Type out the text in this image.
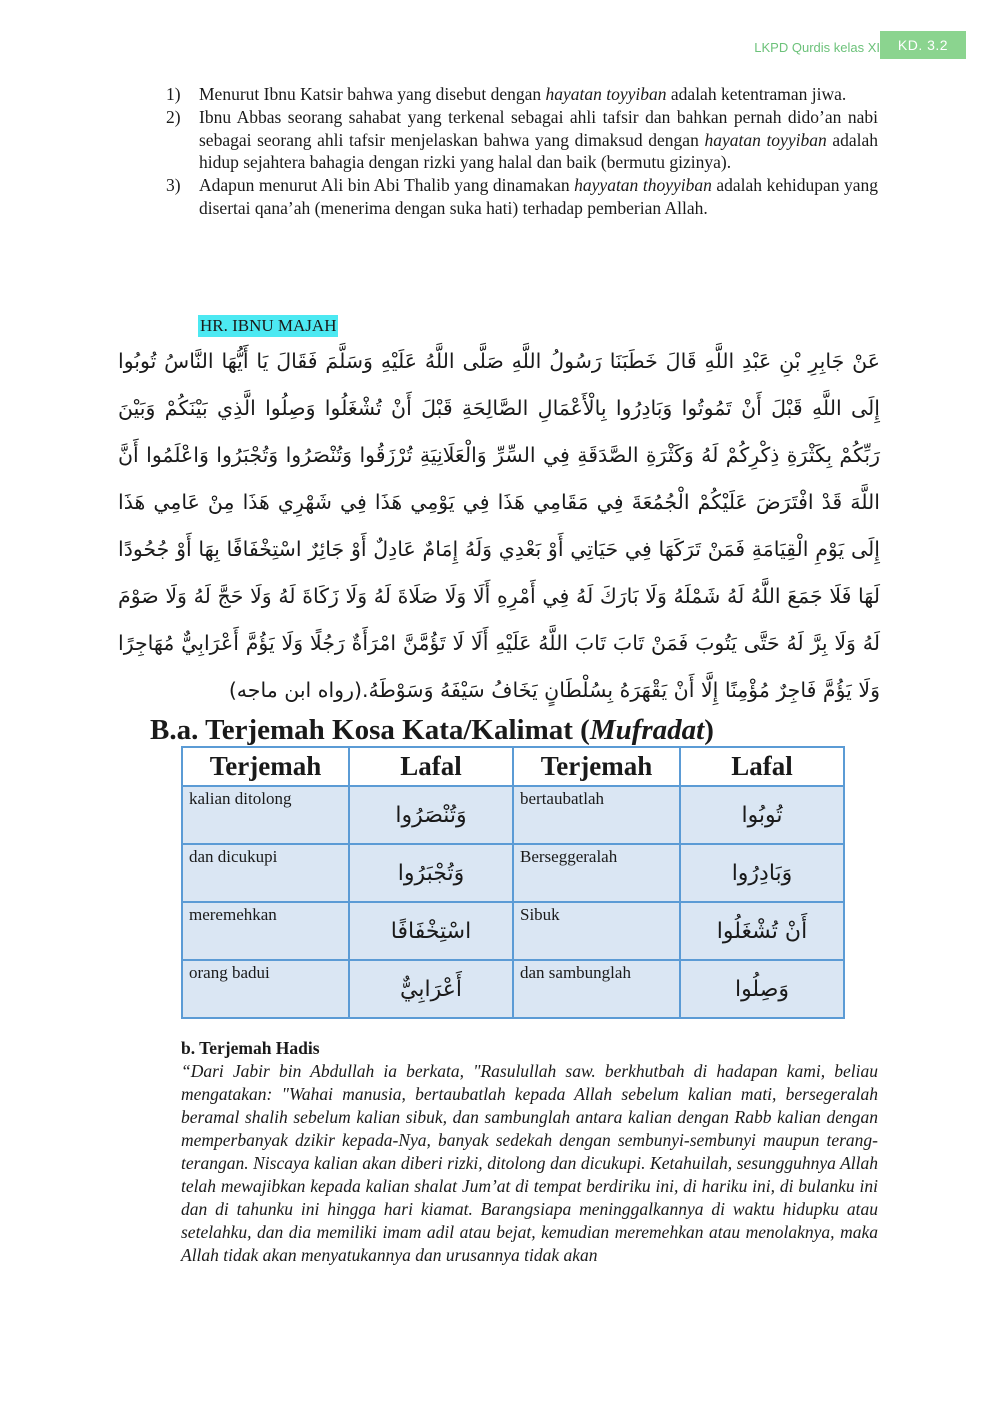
LKPD Qurdis kelas XI	KD. 3.2
1) Menurut Ibnu Katsir bahwa yang disebut dengan hayatan toyyiban adalah ketentraman jiwa.
2) Ibnu Abbas seorang sahabat yang terkenal sebagai ahli tafsir dan bahkan pernah dido’an nabi sebagai seorang ahli tafsir menjelaskan bahwa yang dimaksud dengan hayatan toyyiban adalah hidup sejahtera bahagia dengan rizki yang halal dan baik (bermutu gizinya).
3) Adapun menurut Ali bin Abi Thalib yang dinamakan hayyatan thoyyiban adalah kehidupan yang disertai qana’ah (menerima dengan suka hati) terhadap pemberian Allah.
HR. IBNU MAJAH
عَنْ جَابِرِ بْنِ عَبْدِ اللَّهِ قَالَ خَطَبَنَا رَسُولُ اللَّهِ صَلَّى اللَّهُ عَلَيْهِ وَسَلَّمَ فَقَالَ يَا أَيُّهَا النَّاسُ تُوبُوا إِلَى اللَّهِ قَبْلَ أَنْ تَمُوتُوا وَبَادِرُوا بِالْأَعْمَالِ الصَّالِحَةِ قَبْلَ أَنْ تُشْغَلُوا وَصِلُوا الَّذِي بَيْنَكُمْ وَبَيْنَ رَبِّكُمْ بِكَثْرَةِ ذِكْرِكُمْ لَهُ وَكَثْرَةِ الصَّدَقَةِ فِي السِّرِّ وَالْعَلَانِيَةِ تُرْزَقُوا وَتُنْصَرُوا وَتُجْبَرُوا وَاعْلَمُوا أَنَّ اللَّهَ قَدْ افْتَرَضَ عَلَيْكُمْ الْجُمُعَةَ فِي مَقَامِي هَذَا فِي يَوْمِي هَذَا فِي شَهْرِي هَذَا مِنْ عَامِي هَذَا إِلَى يَوْمِ الْقِيَامَةِ فَمَنْ تَرَكَهَا فِي حَيَاتِي أَوْ بَعْدِي وَلَهُ إِمَامٌ عَادِلٌ أَوْ جَائِرٌ اسْتِخْفَافًا بِهَا أَوْ جُحُودًا لَهَا فَلَا جَمَعَ اللَّهُ لَهُ شَمْلَهُ وَلَا بَارَكَ لَهُ فِي أَمْرِهِ أَلَا وَلَا صَلَاةَ لَهُ وَلَا زَكَاةَ لَهُ وَلَا حَجَّ لَهُ وَلَا صَوْمَ لَهُ وَلَا بِرَّ لَهُ حَتَّى يَتُوبَ فَمَنْ تَابَ تَابَ اللَّهُ عَلَيْهِ أَلَا لَا تَؤُمَّنَّ امْرَأَةٌ رَجُلًا وَلَا يَؤُمَّ أَعْرَابِيٌّ مُهَاجِرًا وَلَا يَؤُمَّ فَاجِرٌ مُؤْمِنًا إِلَّا أَنْ يَقْهَرَهُ بِسُلْطَانٍ يَخَافُ سَيْفَهُ وَسَوْطَهُ.(رواه ابن ماجه)
B.a. Terjemah Kosa Kata/Kalimat (Mufradat)
Terjemah	Lafal	Terjemah	Lafal
kalian ditolong	وَتُنْصَرُوا	bertaubatlah	تُوبُوا
dan dicukupi	وَتُجْبَرُوا	Berseggeralah	وَبَادِرُوا
meremehkan	اسْتِخْفَافًا	Sibuk	أَنْ تُشْغَلُوا
orang badui	أَعْرَابِيٌّ	dan sambunglah	وَصِلُوا
b. Terjemah Hadis

“Dari Jabir bin Abdullah ia berkata, "Rasulullah saw. berkhutbah di hadapan kami, beliau mengatakan: "Wahai manusia, bertaubatlah kepada Allah sebelum kalian mati, bersegeralah beramal shalih sebelum kalian sibuk, dan sambunglah antara kalian dengan Rabb kalian dengan memperbanyak dzikir kepada-Nya, banyak sedekah dengan sembunyi-sembunyi maupun terang-terangan. Niscaya kalian akan diberi rizki, ditolong dan dicukupi. Ketahuilah, sesungguhnya Allah telah mewajibkan kepada kalian shalat Jum’at di tempat berdiriku ini, di hariku ini, di bulanku ini dan di tahunku ini hingga hari kiamat. Barangsiapa meninggalkannya di waktu hidupku atau setelahku, dan dia memiliki imam adil atau bejat, kemudian meremehkan atau menolaknya, maka Allah tidak akan menyatukannya dan urusannya tidak akan
